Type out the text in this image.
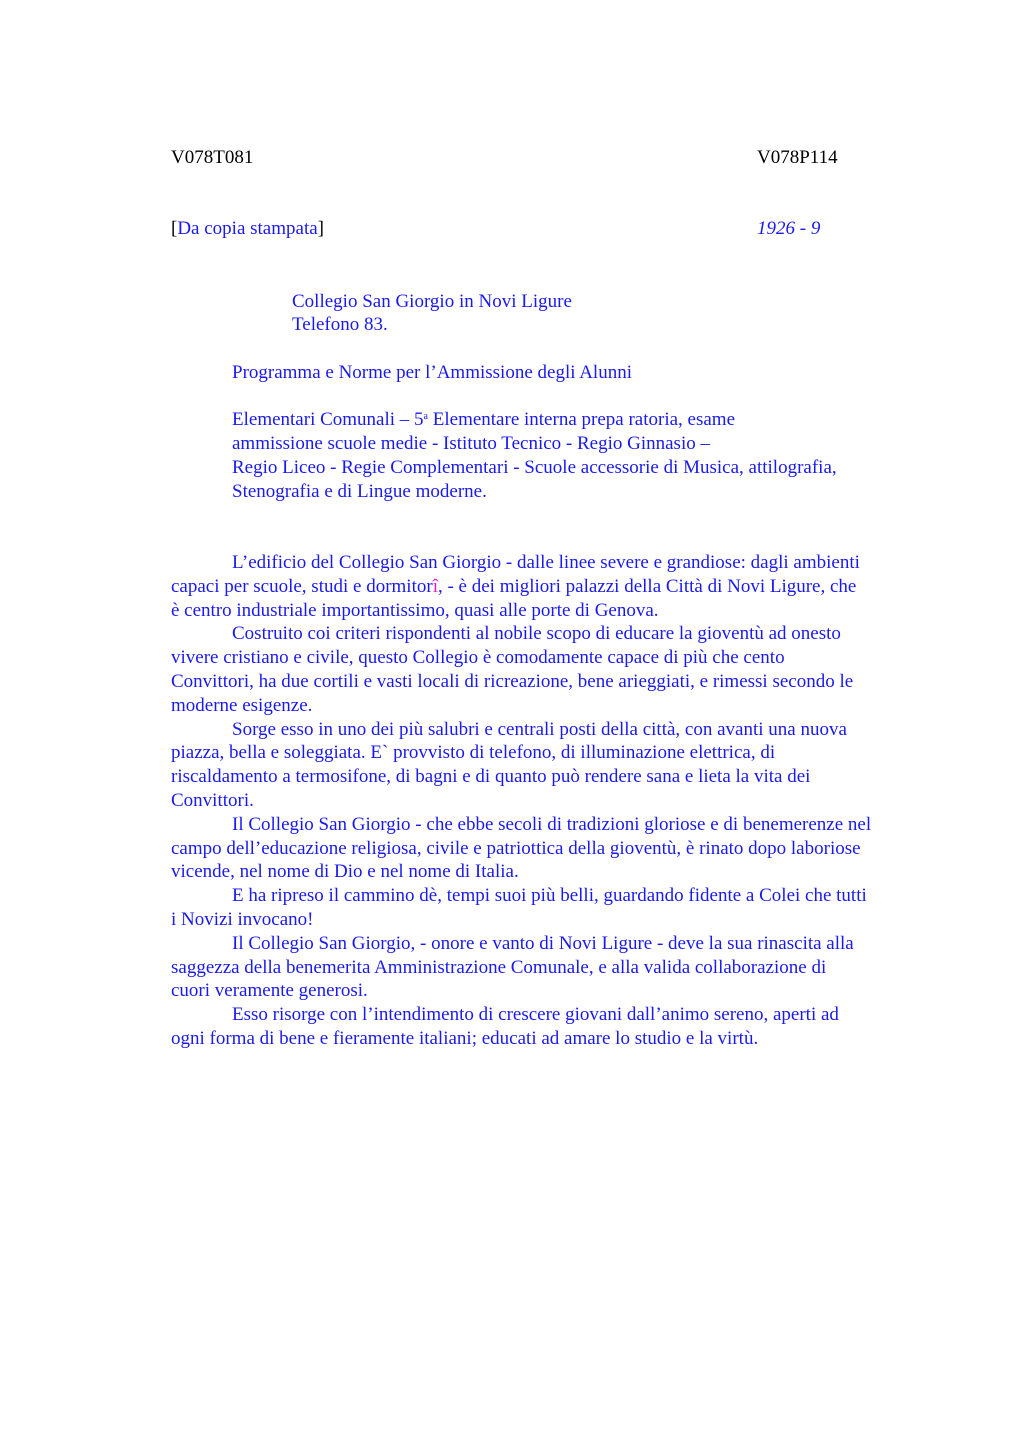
V078T081	V078P114
[Da copia stampata]	1926 - 9
Collegio San Giorgio in Novi Ligure
Telefono 83.
Programma e Norme per l’Ammissione degli Alunni
Elementari Comunali – 5$^a$ Elementare interna prepa ratoria, esame
ammissione scuole medie - Istituto Tecnico - Regio Ginnasio –
Regio Liceo - Regie Complementari - Scuole accessorie di Musica, attilografia,
Stenografia e di Lingue moderne.
L’edificio del Collegio San Giorgio - dalle linee severe e grandiose: dagli ambienti
capaci per scuole, studi e dormitorî, - è dei migliori palazzi della Città di Novi Ligure, che
è centro industriale importantissimo, quasi alle porte di Genova.
Costruito coi criteri rispondenti al nobile scopo di educare la gioventù ad onesto
vivere cristiano e civile, questo Collegio è comodamente capace di più che cento
Convittori, ha due cortili e vasti locali di ricreazione, bene arieggiati, e rimessi secondo le
moderne esigenze.
Sorge esso in uno dei più salubri e centrali posti della città, con avanti una nuova
piazza, bella e soleggiata. E` provvisto di telefono, di illuminazione elettrica, di
riscaldamento a termosifone, di bagni e di quanto può rendere sana e lieta la vita dei
Convittori.
Il Collegio San Giorgio - che ebbe secoli di tradizioni gloriose e di benemerenze nel
campo dell’educazione religiosa, civile e patriottica della gioventù, è rinato dopo laboriose
vicende, nel nome di Dio e nel nome di Italia.
E ha ripreso il cammino dè, tempi suoi più belli, guardando fidente a Colei che tutti
i Novizi invocano!
Il Collegio San Giorgio, - onore e vanto di Novi Ligure - deve la sua rinascita alla
saggezza della benemerita Amministrazione Comunale, e alla valida collaborazione di
cuori veramente generosi.
Esso risorge con l’intendimento di crescere giovani dall’animo sereno, aperti ad
ogni forma di bene e fieramente italiani; educati ad amare lo studio e la virtù.
